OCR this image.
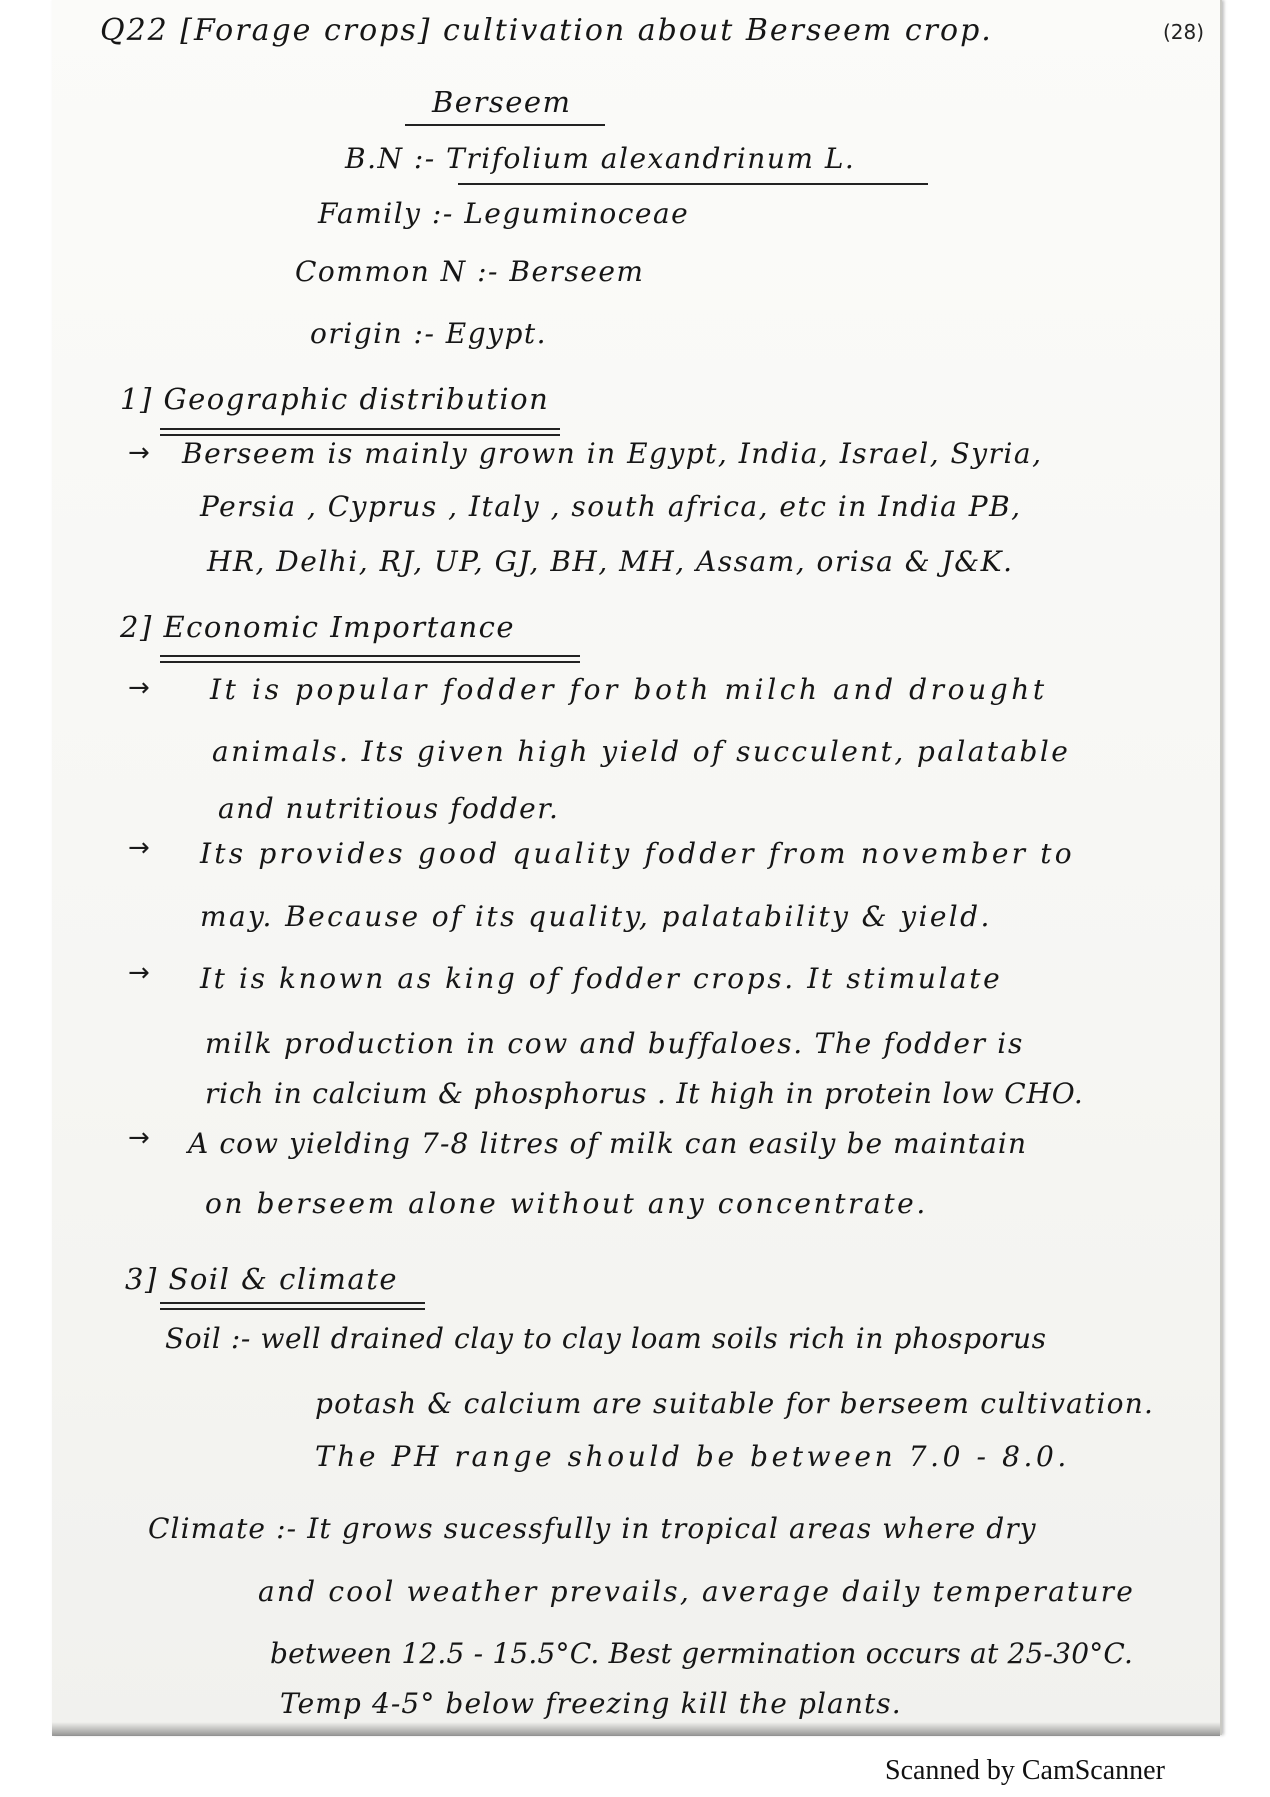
Q22 [Forage crops] cultivation about Berseem crop.	(28)
Berseem
B.N :- Trifolium alexandrinum L.
Family :- Leguminoceae
Common N :- Berseem
origin :- Egypt.
1] Geographic distribution
→ Berseem is mainly grown in Egypt, India, Israel, Syria,
Persia , Cyprus , Italy , south africa, etc in India PB,
HR, Delhi, RJ, UP, GJ, BH, MH, Assam, orisa & J&K.
2] Economic Importance
→ It is popular fodder for both milch and drought
animals. Its given high yield of succulent, palatable
and nutritious fodder.
→ Its provides good quality fodder from november to
may. Because of its quality, palatability & yield.
→ It is known as king of fodder crops. It stimulate
milk production in cow and buffaloes. The fodder is
rich in calcium & phosphorus . It high in protein low CHO.
→ A cow yielding 7-8 litres of milk can easily be maintain
on berseem alone without any concentrate.
3] Soil & climate
Soil :- well drained clay to clay loam soils rich in phosporus
potash & calcium are suitable for berseem cultivation.
The PH range should be between 7.0 - 8.0.
Climate :- It grows sucessfully in tropical areas where dry
and cool weather prevails, average daily temperature
between 12.5 - 15.5°C. Best germination occurs at 25-30°C.
Temp 4-5° below freezing kill the plants.
Scanned by CamScanner
